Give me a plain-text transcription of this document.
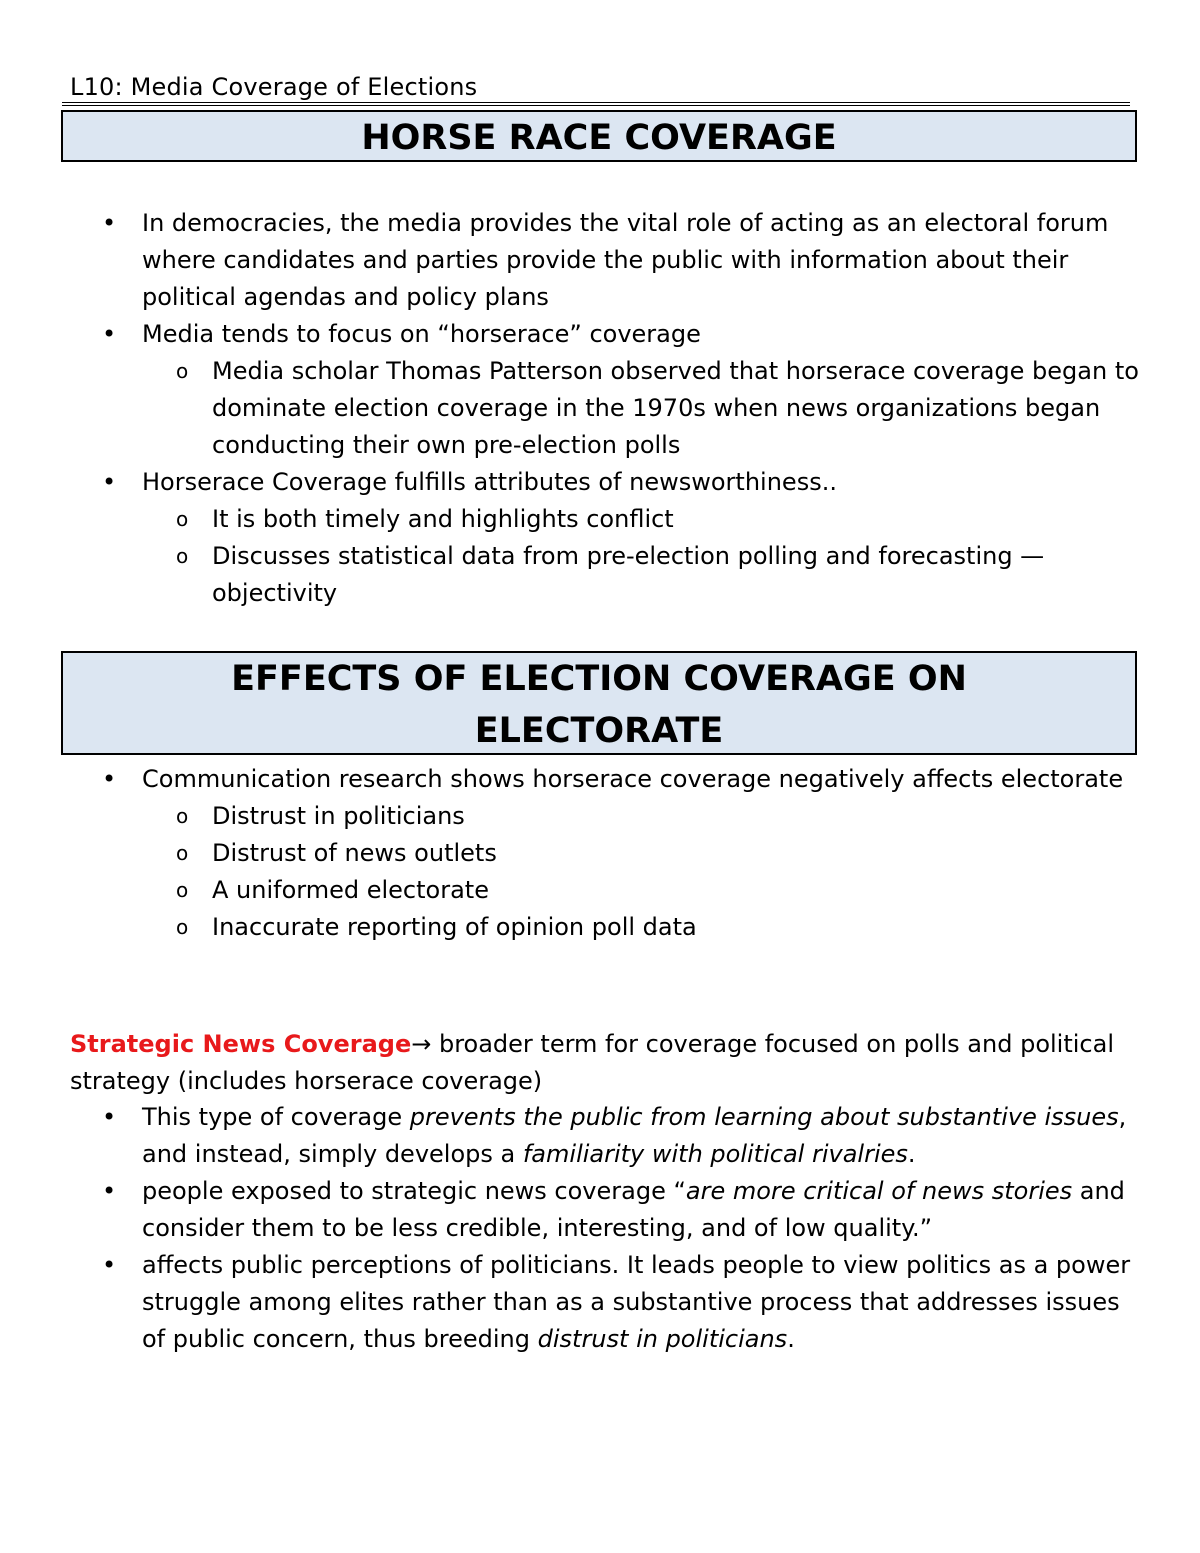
L10: Media Coverage of Elections
HORSE RACE COVERAGE
• In democracies, the media provides the vital role of acting as an electoral forum where candidates and parties provide the public with information about their political agendas and policy plans
• Media tends to focus on “horserace” coverage
o Media scholar Thomas Patterson observed that horserace coverage began to dominate election coverage in the 1970s when news organizations began conducting their own pre-election polls
• Horserace Coverage fulfills attributes of newsworthiness..
o It is both timely and highlights conflict
o Discusses statistical data from pre-election polling and forecasting —objectivity
EFFECTS OF ELECTION COVERAGE ON
ELECTORATE
• Communication research shows horserace coverage negatively affects electorate
o Distrust in politicians
o Distrust of news outlets
o A uniformed electorate
o Inaccurate reporting of opinion poll data
Strategic News Coverage→ broader term for coverage focused on polls and political strategy (includes horserace coverage)
• This type of coverage prevents the public from learning about substantive issues, and instead, simply develops a familiarity with political rivalries.
• people exposed to strategic news coverage “are more critical of news stories and consider them to be less credible, interesting, and of low quality.”
• affects public perceptions of politicians. It leads people to view politics as a power struggle among elites rather than as a substantive process that addresses issues of public concern, thus breeding distrust in politicians.
